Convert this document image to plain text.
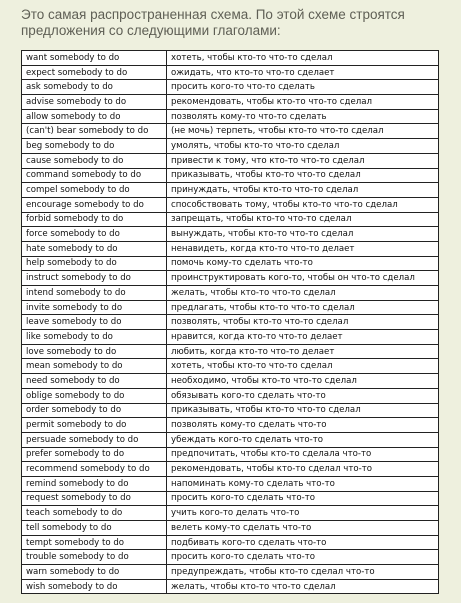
Это самая распространенная схема. По этой схеме строятся предложения со следующими глаголами:

want somebody to do	хотеть, чтобы кто-то что-то сделал
expect somebody to do	ожидать, что кто-то что-то сделает
ask somebody to do	просить кого-то что-то сделать
advise somebody to do	рекомендовать, чтобы кто-то что-то сделал
allow somebody to do	позволять кому-то что-то сделать
(can't) bear somebody to do	(не мочь) терпеть, чтобы кто-то что-то сделал
beg somebody to do	умолять, чтобы кто-то что-то сделал
cause somebody to do	привести к тому, что кто-то что-то сделал
command somebody to do	приказывать, чтобы кто-то что-то сделал
compel somebody to do	принуждать, чтобы кто-то что-то сделал
encourage somebody to do	способствовать тому, чтобы кто-то что-то сделал
forbid somebody to do	запрещать, чтобы кто-то что-то сделал
force somebody to do	вынуждать, чтобы кто-то что-то сделал
hate somebody to do	ненавидеть, когда кто-то что-то делает
help somebody to do	помочь кому-то сделать что-то
instruct somebody to do	проинструктировать кого-то, чтобы он что-то сделал
intend somebody to do	желать, чтобы кто-то что-то сделал
invite somebody to do	предлагать, чтобы кто-то что-то сделал
leave somebody to do	позволять, чтобы кто-то что-то сделал
like somebody to do	нравится, когда кто-то что-то делает
love somebody to do	любить, когда кто-то что-то делает
mean somebody to do	хотеть, чтобы кто-то что-то сделал
need somebody to do	необходимо, чтобы кто-то что-то сделал
oblige somebody to do	обязывать кого-то сделать что-то
order somebody to do	приказывать, чтобы кто-то что-то сделал
permit somebody to do	позволять кому-то сделать что-то
persuade somebody to do	убеждать кого-то сделать что-то
prefer somebody to do	предпочитать, чтобы кто-то сделала что-то
recommend somebody to do	рекомендовать, чтобы кто-то сделал что-то
remind somebody to do	напоминать кому-то сделать что-то
request somebody to do	просить кого-то сделать что-то
teach somebody to do	учить кого-то делать что-то
tell somebody to do	велеть кому-то сделать что-то
tempt somebody to do	подбивать кого-то сделать что-то
trouble somebody to do	просить кого-то сделать что-то
warn somebody to do	предупреждать, чтобы кто-то сделал что-то
wish somebody to do	желать, чтобы кто-то что-то сделал
